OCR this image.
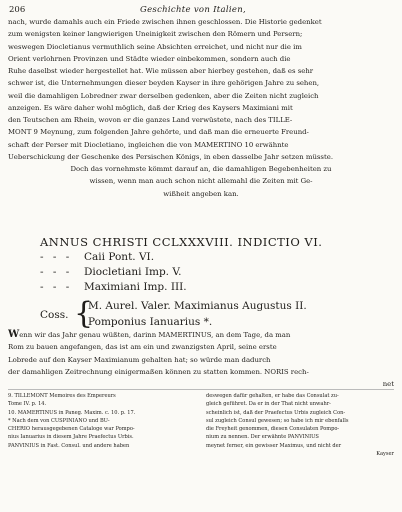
206	Geschichte von Italien,
nach, wurde damahls auch ein Friede zwischen ihnen geschlossen. Die Historie gedenket
zum wenigsten keiner langwierigen Uneinigkeit zwischen den Römern und Persern;
weswegen Diocletianus vermuthlich seine Absichten erreichet, und nicht nur die im
Orient verlohrnen Provinzen und Städte wieder einbekommen, sondern auch die
Ruhe daselbst wieder hergestellet hat. Wie müssen aber hierbey gestehen, daß es sehr
schwer ist, die Unternehmungen dieser beyden Kayser in ihre gehörigen Jahre zu sehen,
weil die damahligen Lobredner zwar derselben gedenken, aber die Zeiten nicht zugleich
anzeigen. Es wäre daher wohl möglich, daß der Krieg des Kaysers Maximiani mit
den Teutschen am Rhein, wovon er die ganzes Land verwüstete, nach des TILLE-
MONT 9 Meynung, zum folgenden Jahre gehörte, und daß man die erneuerte Freund-
schaft der Perser mit Diocletiano, ingleichen die von MAMERTINO 10 erwähnte
Ueberschickung der Geschenke des Persischen Königs, in eben dasselbe Jahr setzen müsste.
Doch das vornehmste kömmt darauf an, die damahligen Begebenheiten zu
wissen, wenn man auch schon nicht allemahl die Zeiten mit Ge-
wißheit angeben kan.
ANNUS CHRISTI CCLXXXVIII. INDICTIO VI.
- - - Caii Pont. VI.
- - - Diocletiani Imp. V.
- - - Maximiani Imp. III.
Coss. {
M. Aurel. Valer. Maximianus Augustus II.
Pomponius Ianuarius *.
Wenn wir das Jahr genau wüßten, darinn MAMERTINUS, an dem Tage, da man
Rom zu bauen angefangen, das ist am ein und zwanzigsten April, seine erste
Lobrede auf den Kayser Maximianum gehalten hat; so würde man dadurch
der damahligen Zeitrechnung einigermaßen können zu statten kommen. NORIS rech-
net
9. TILLEMONT Memoires des Empereurs
Tome IV. p. 14.
10. MAMERTINUS in Paneg. Maxim. c. 10. p. 17.
* Nach dem von CUSPINIANO und BU-
CHERIO herausgegebenen Cataloge war Pompo-
nius Ianuarius in diesem Jahre Praefectus Urbis.
PANVINIUS in Fast. Consul. und andere haben
deswegen dafür gehalten, er habe das Consulat zu-
gleich geführet. Da er in der That nicht unwahr-
scheinlich ist, daß der Praefectus Urbis zugleich Con-
sul zugleich Consul gewesen; so habe ich mir ebenfalls
die Freyheit genommen, diesen Consulaten Pompo-
nium zu nennen. Der erwähnte PANVINIUS
meynet ferner, ein gewisser Maximus, und nicht der
Kayser
